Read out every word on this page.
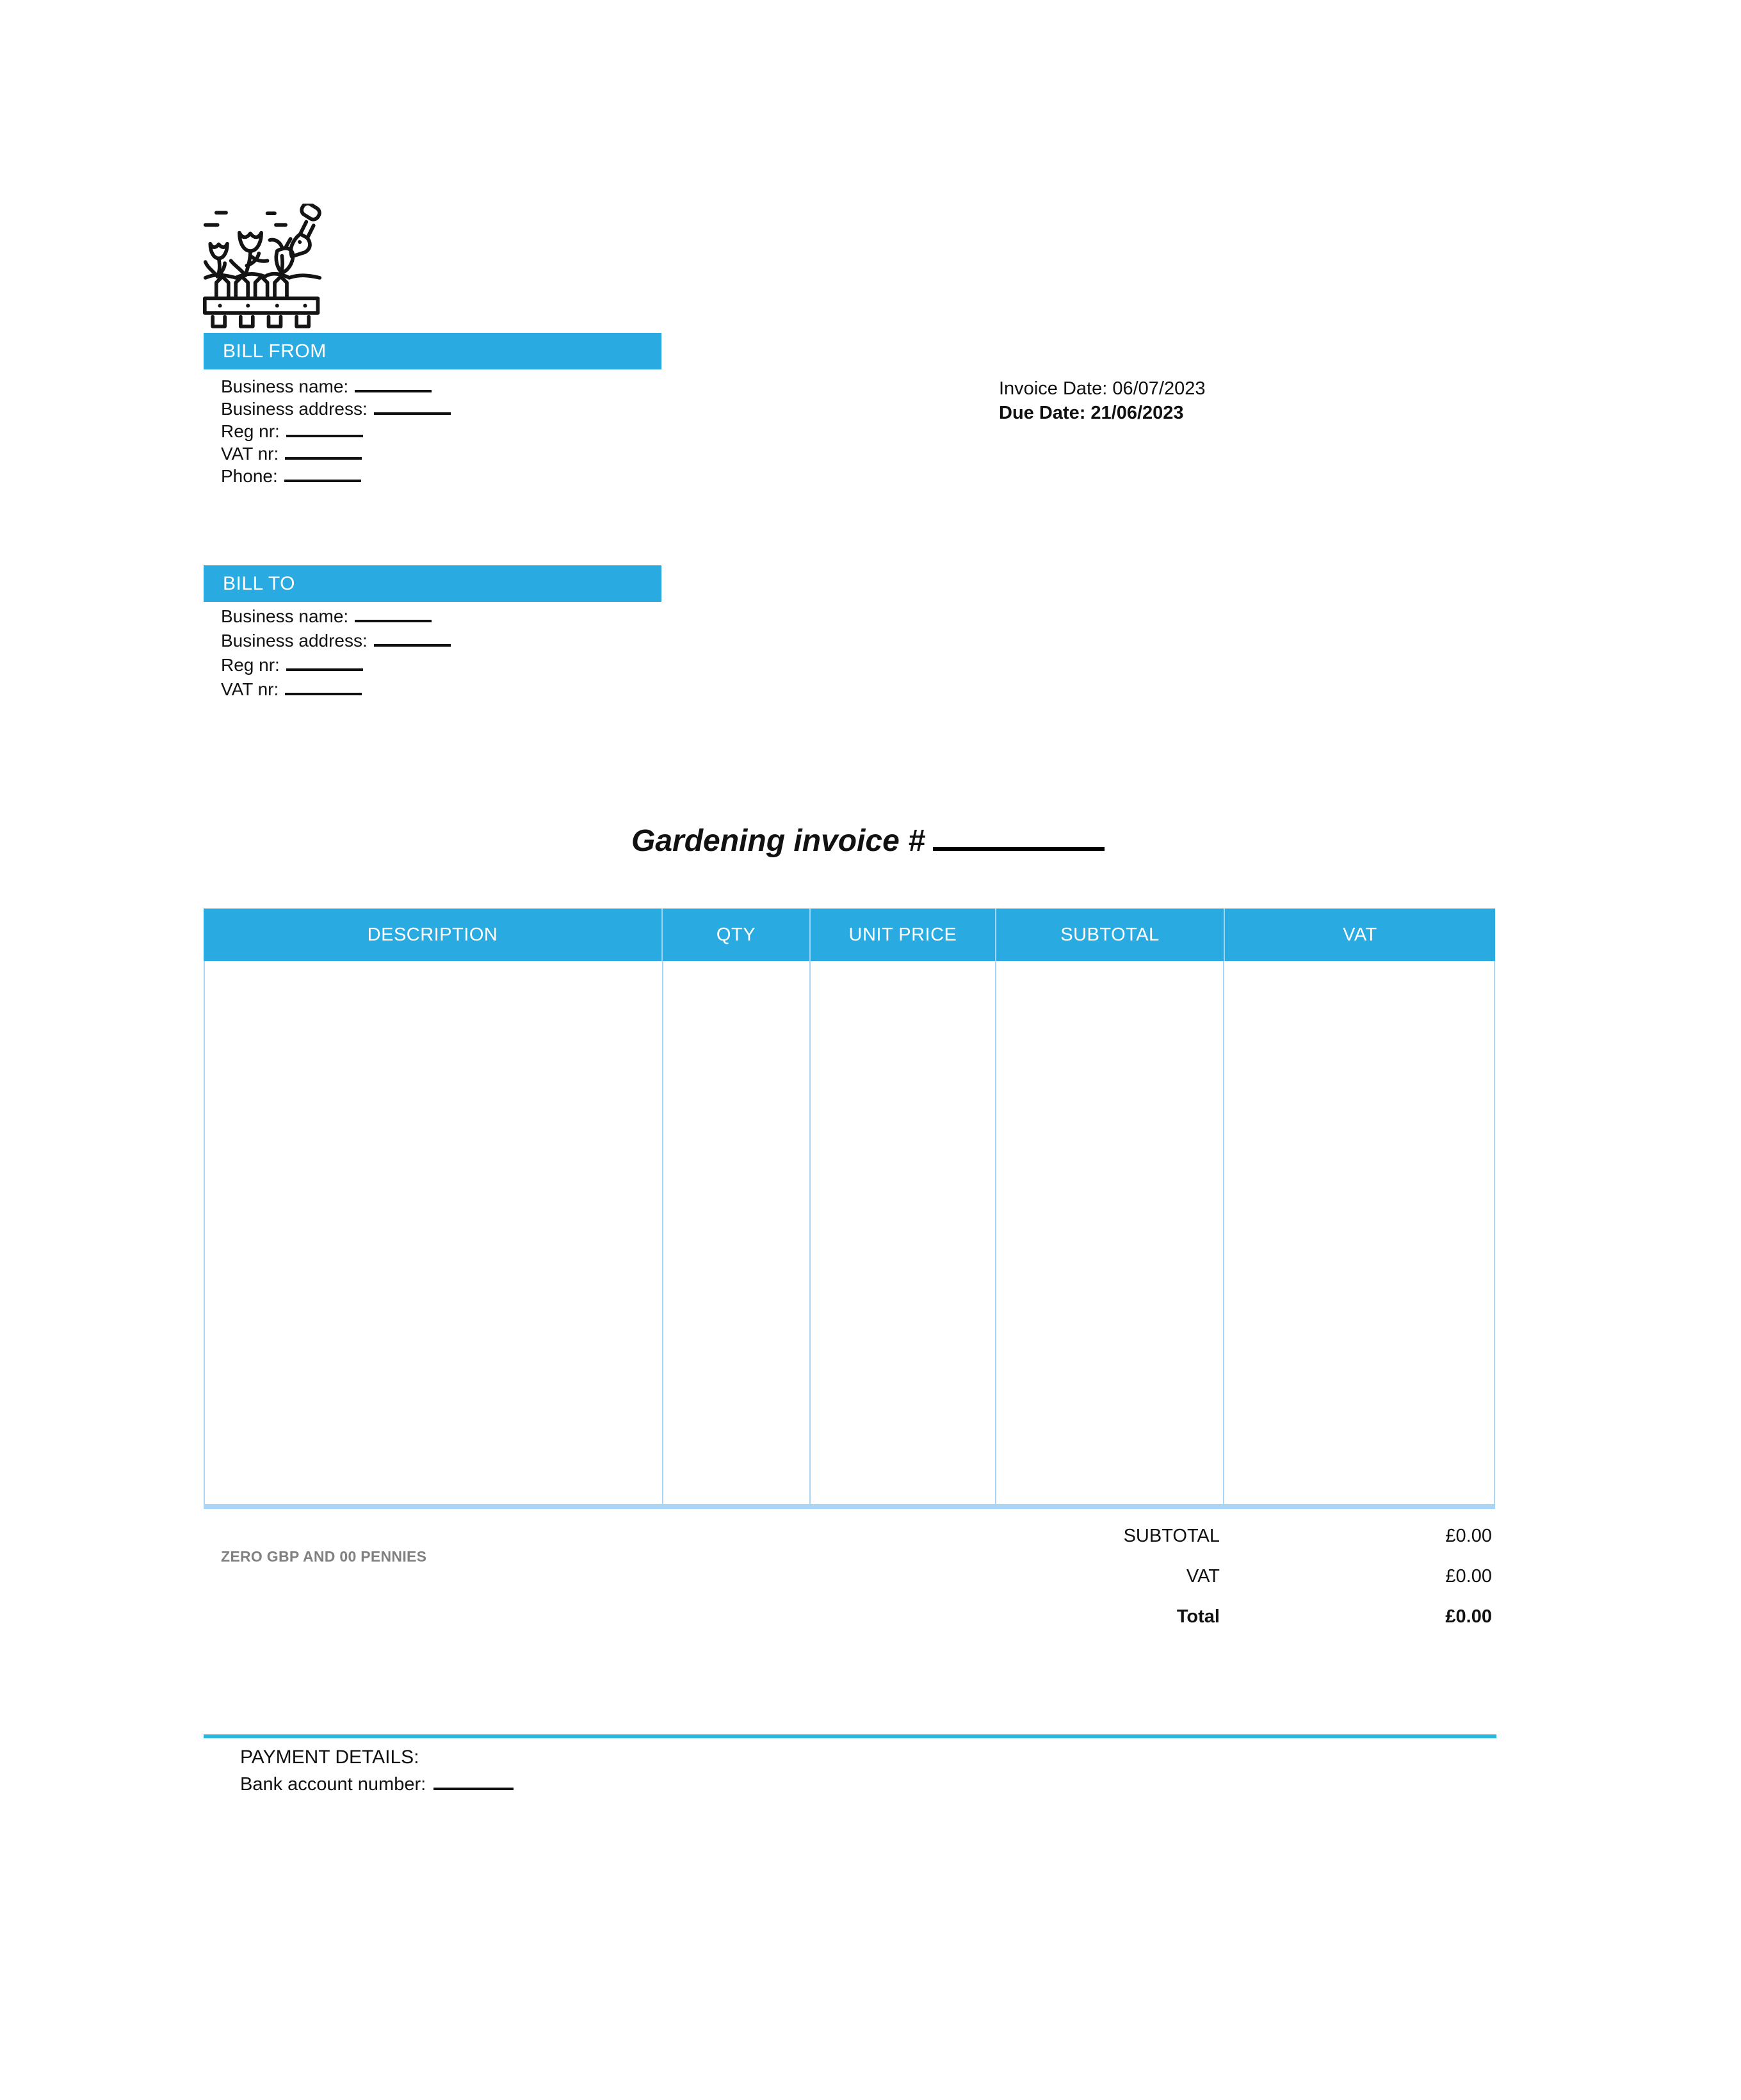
BILL FROM
Business name:
Business address:
Reg nr:
VAT nr:
Phone:
Invoice Date: 06/07/2023
Due Date: 21/06/2023
BILL TO
Business name:
Business address:
Reg nr:
VAT nr:
Gardening invoice #
DESCRIPTION	QTY	UNIT PRICE	SUBTOTAL	VAT
ZERO GBP AND 00 PENNIES
SUBTOTAL	£0.00
VAT	£0.00
Total	£0.00
PAYMENT DETAILS:
Bank account number:
